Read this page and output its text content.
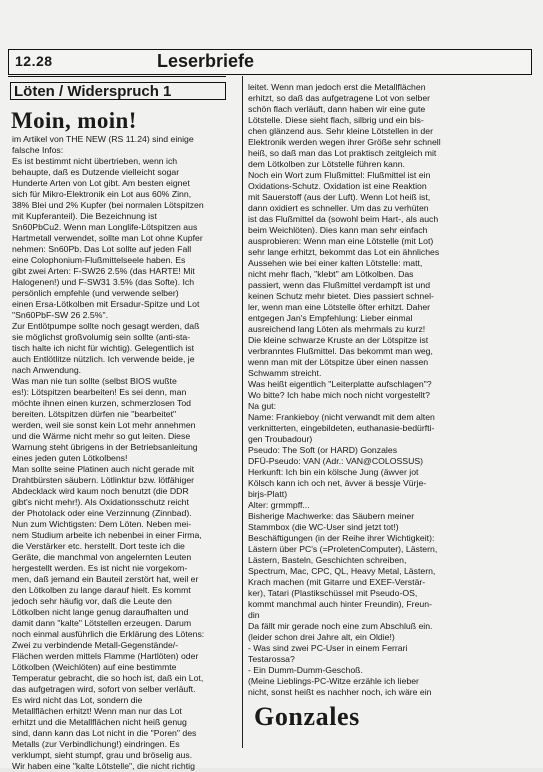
12.28	Leserbriefe
Löten / Widerspruch 1
Moin, moin!

im Artikel von THE NEW (RS 11.24) sind einige

falsche Infos:

Es ist bestimmt nicht übertrieben, wenn ich

behaupte, daß es Dutzende vielleicht sogar

Hunderte Arten von Lot gibt. Am besten eignet

sich für Mikro-Elektronik ein Lot aus 60% Zinn,

38% Blei und 2% Kupfer (bei normalen Lötspitzen

mit Kupferanteil). Die Bezeichnung ist

Sn60PbCu2. Wenn man Longlife-Lötspitzen aus

Hartmetall verwendet, sollte man Lot ohne Kupfer

nehmen: Sn60Pb. Das Lot sollte auf jeden Fall

eine Colophonium-Flußmittelseele haben. Es

gibt zwei Arten: F-SW26 2.5% (das HARTE! Mit

Halogenen!) und F-SW31 3.5% (das Softe). Ich

persönlich empfehle (und verwende selber)

einen Ersa-Lötkolben mit Ersadur-Spitze und Lot

"Sn60PbF-SW 26 2.5%".

Zur Entlötpumpe sollte noch gesagt werden, daß

sie möglichst großvolumig sein sollte (anti-sta-

tisch halte ich nicht für wichtig). Gelegentlich ist

auch Entlötlitze nützlich. Ich verwende beide, je

nach Anwendung.

Was man nie tun sollte (selbst BIOS wußte

es!): Lötspitzen bearbeiten! Es sei denn, man

möchte ihnen einen kurzen, schmerzlosen Tod

bereiten. Lötspitzen dürfen nie "bearbeitet"

werden, weil sie sonst kein Lot mehr annehmen

und die Wärme nicht mehr so gut leiten. Diese

Warnung steht übrigens in der Betriebsanleitung

eines jeden guten Lötkolbens!

Man sollte seine Platinen auch nicht gerade mit

Drahtbürsten säubern. Lötlinktur bzw. lötfähiger

Abdecklack wird kaum noch benutzt (die DDR

gibt's nicht mehr!). Als Oxidationsschutz reicht

der Photolack oder eine Verzinnung (Zinnbad).

Nun zum Wichtigsten: Dem Löten. Neben mei-

nem Studium arbeite ich nebenbei in einer Firma,

die Verstärker etc. herstellt. Dort teste ich die

Geräte, die manchmal von angelernten Leuten

hergestellt werden. Es ist nicht nie vorgekom-

men, daß jemand ein Bauteil zerstört hat, weil er

den Lötkolben zu lange darauf hielt. Es kommt

jedoch sehr häufig vor, daß die Leute den

Lötkolben nicht lange genug daraufhalten und

damit dann "kalte" Lötstellen erzeugen. Darum

noch einmal ausführlich die Erklärung des Lötens:

Zwei zu verbindende Metall-Gegenstände/-

Flächen werden mittels Flamme (Hartlöten) oder

Lötkolben (Weichlöten) auf eine bestimmte

Temperatur gebracht, die so hoch ist, daß ein Lot,

das aufgetragen wird, sofort von selber verläuft.

Es wird nicht das Lot, sondern die

Metallflächen erhitzt! Wenn man nur das Lot

erhitzt und die Metallflächen nicht heiß genug

sind, dann kann das Lot nicht in die "Poren" des

Metalls (zur Verbindlichung!) eindringen. Es

verklumpt, sieht stumpf, grau und bröselig aus.

Wir haben eine "kalte Lötstelle", die nicht richtig

leitet. Wenn man jedoch erst die Metallflächen

erhitzt, so daß das aufgetragene Lot von selber

schön flach verläuft, dann haben wir eine gute

Lötstelle. Diese sieht flach, silbrig und ein bis-

chen glänzend aus. Sehr kleine Lötstellen in der

Elektronik werden wegen ihrer Größe sehr schnell

heiß, so daß man das Lot praktisch zeitgleich mit

dem Lötkolben zur Lötstelle führen kann.

Noch ein Wort zum Flußmittel: Flußmittel ist ein

Oxidations-Schutz. Oxidation ist eine Reaktion

mit Sauerstoff (aus der Luft). Wenn Lot heiß ist,

dann oxidiert es schneller. Um das zu verhüten

ist das Flußmittel da (sowohl beim Hart-, als auch

beim Weichlöten). Dies kann man sehr einfach

ausprobieren: Wenn man eine Lötstelle (mit Lot)

sehr lange erhitzt, bekommt das Lot ein ähnliches

Aussehen wie bei einer kalten Lötstelle: matt,

nicht mehr flach, "klebt" am Lötkolben. Das

passiert, wenn das Flußmittel verdampft ist und

keinen Schutz mehr bietet. Dies passiert schnel-

ler, wenn man eine Lötstelle öfter erhitzt. Daher

entgegen Jan's Empfehlung: Lieber einmal

ausreichend lang Löten als mehrmals zu kurz!

Die kleine schwarze Kruste an der Lötspitze ist

verbranntes Flußmittel. Das bekommt man weg,

wenn man mit der Lötspitze über einen nassen

Schwamm streicht.

Was heißt eigentlich "Leiterplatte aufschlagen"?

Wo bitte? Ich habe mich noch nicht vorgestellt?

Na gut:

Name: Frankieboy (nicht verwandt mit dem alten

verknitterten, eingebildeten, euthanasie-bedürfti-

gen Troubadour)

Pseudo: The Soft (or HARD) Gonzales

DFÜ-Pseudo: VAN (Adr.: VAN@COLOSSUS)

Herkunft: Ich bin ein kölsche Jung (äwver jot

Kölsch kann ich och net, ävver ä bessje Vürje-

birjs-Platt)

Alter: grmmpff...

Bisherige Machwerke: das Säubern meiner

Stammbox (die WC-User sind jetzt tot!)

Beschäftigungen (in der Reihe ihrer Wichtigkeit):

Lästern über PC's (=ProletenComputer), Lästern,

Lästern, Basteln, Geschichten schreiben,

Spectrum, Mac, CPC, QL, Heavy Metal, Lästern,

Krach machen (mit Gitarre und EXEF-Verstär-

ker), Tatari (Plastikschüssel mit Pseudo-OS,

kommt manchmal auch hinter Freundin), Freun-

din

Da fällt mir gerade noch eine zum Abschluß ein.

(leider schon drei Jahre alt, ein Oldie!)

- Was sind zwei PC-User in einem Ferrari

Testarossa?

- Ein Dumm-Dumm-Geschoß.

(Meine Lieblings-PC-Witze erzähle ich lieber

nicht, sonst heißt es nachher noch, ich wäre ein

Gonzales
